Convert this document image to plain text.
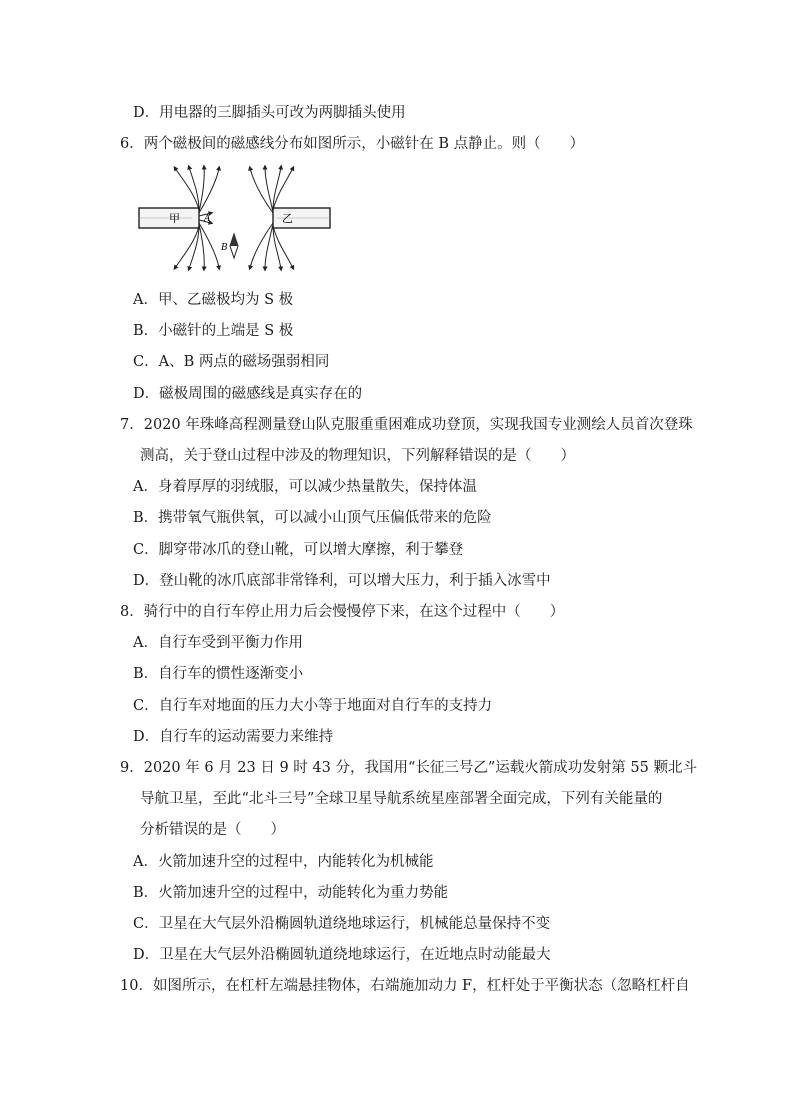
D．用电器的三脚插头可改为两脚插头使用
6．两个磁极间的磁感线分布如图所示，小磁针在 B 点静止。则（　　）
甲	乙
A
B
A．甲、乙磁极均为 S 极
B．小磁针的上端是 S 极
C．A、B 两点的磁场强弱相同
D．磁极周围的磁感线是真实存在的
7．2020 年珠峰高程测量登山队克服重重困难成功登顶，实现我国专业测绘人员首次登珠
测高，关于登山过程中涉及的物理知识，下列解释错误的是（　　）
A．身着厚厚的羽绒服，可以减少热量散失，保持体温
B．携带氧气瓶供氧，可以减小山顶气压偏低带来的危险
C．脚穿带冰爪的登山靴，可以增大摩擦，利于攀登
D．登山靴的冰爪底部非常锋利，可以增大压力，利于插入冰雪中
8．骑行中的自行车停止用力后会慢慢停下来，在这个过程中（　　）
A．自行车受到平衡力作用
B．自行车的惯性逐渐变小
C．自行车对地面的压力大小等于地面对自行车的支持力
D．自行车的运动需要力来维持
9．2020 年 6 月 23 日 9 时 43 分，我国用“长征三号乙”运载火箭成功发射第 55 颗北斗
导航卫星，至此“北斗三号”全球卫星导航系统星座部署全面完成，下列有关能量的
分析错误的是（　　）
A．火箭加速升空的过程中，内能转化为机械能
B．火箭加速升空的过程中，动能转化为重力势能
C．卫星在大气层外沿椭圆轨道绕地球运行，机械能总量保持不变
D．卫星在大气层外沿椭圆轨道绕地球运行，在近地点时动能最大
10．如图所示，在杠杆左端悬挂物体，右端施加动力 F，杠杆处于平衡状态（忽略杠杆自
